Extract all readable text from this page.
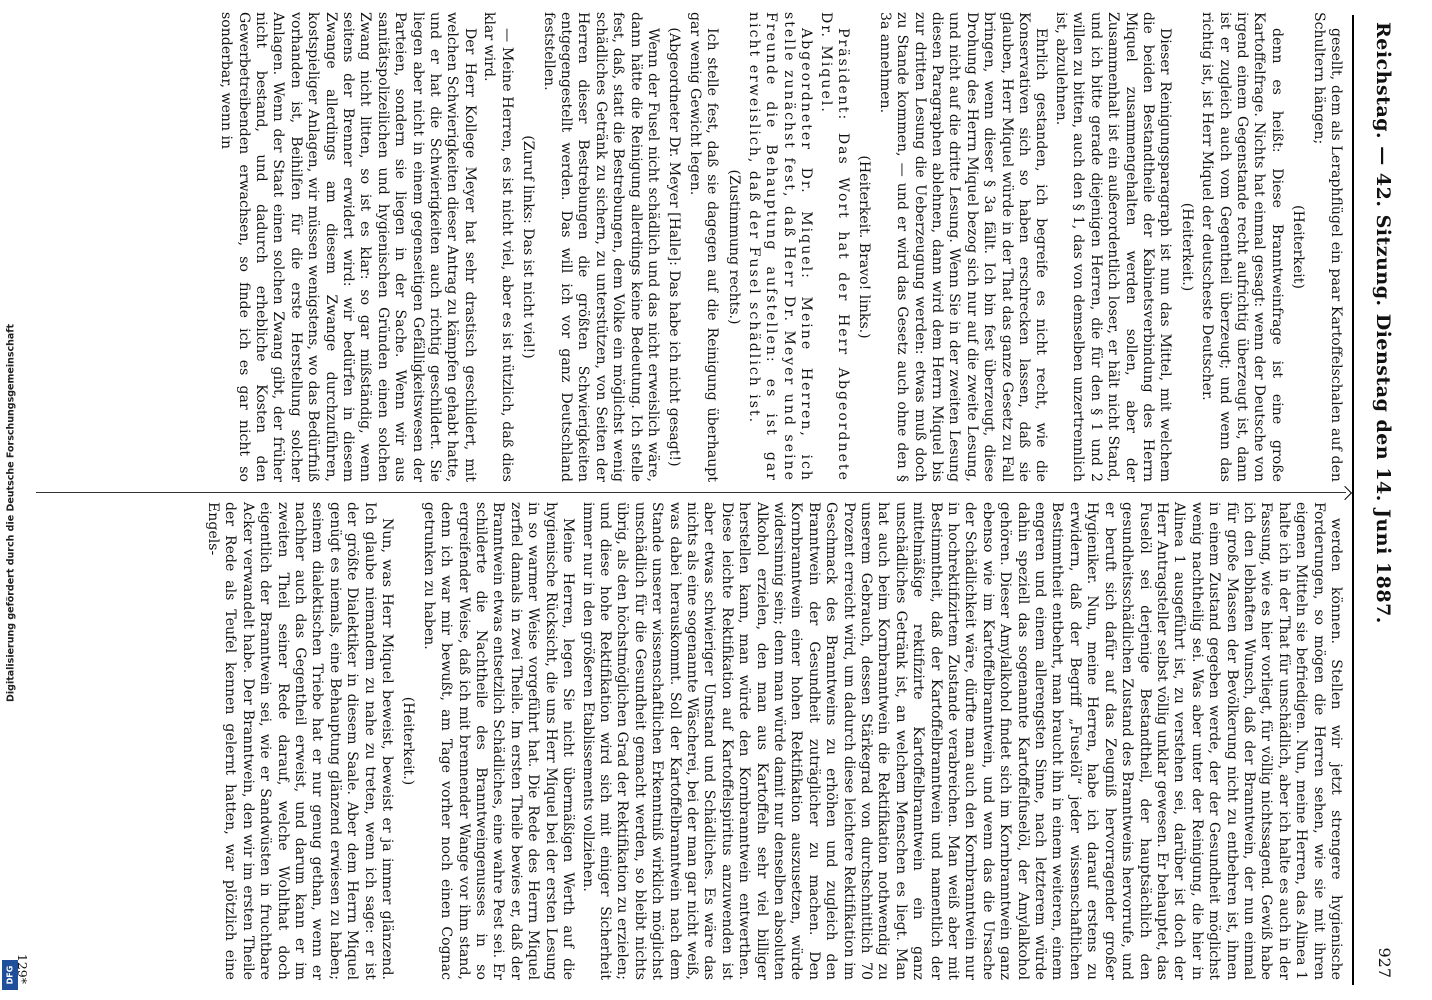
Digitalisierung gefördert durch die Deutsche Forschungsgemeinschaft
DFG
Reichstag. — 42. Sitzung. Dienstag den 14. Juni 1887.
927

gesellt, dem als Leraphflügel ein paar Kartoffelschalen auf den Schultern hängen;

(Heiterkeit)

denn es heißt: Diese Branntweinfrage ist eine große Kartoffelfrage. Nichts hat einmal gesagt: wenn der Deutsche von irgend einem Gegenstande recht aufrichtig überzeugt ist, dann ist er zugleich auch vom Gegentheil überzeugt; und wenn das richtig ist, ist Herr Miquel der deutscheste Deutscher.

(Heiterkeit.)

Dieser Reinigungsparagraph ist nun das Mittel, mit welchem die beiden Bestandtheile der Kabinetsverbindung des Herrn Miquel zusammengehalten werden sollen, aber der Zusammenhalt ist ein außerordentlich loser, er hält nicht Stand, und ich bitte gerade diejenigen Herren, die für den § 1 und 2 willen zu bitten, auch den § 1, das von demselben unzertrennlich ist, abzulehnen.

Ehrlich gestanden, ich begreife es nicht recht, wie die Konservativen sich so haben erschrecken lassen, daß sie glauben, Herr Miquel würde in der That das ganze Gesetz zu Fall bringen, wenn dieser § 3a fällt. Ich bin fest überzeugt, diese Drohung des Herrn Miquel bezog sich nur auf die zweite Lesung, und nicht auf die dritte Lesung. Wenn Sie in der zweiten Lesung diesen Paragraphen ablehnen, dann wird dem Herrn Miquel bis zur dritten Lesung die Ueberzeugung werden: etwas muß doch zu Stande kommen, — und er wird das Gesetz auch ohne den § 3a annehmen.

(Heiterkeit. Bravo! links.)

Präsident: Das Wort hat der Herr Abgeordnete Dr. Miquel.

Abgeordneter Dr. Miquel: Meine Herren, ich stelle zunächst fest, daß Herr Dr. Meyer und seine Freunde die Behauptung aufstellen: es ist gar nicht erweislich, daß der Fusel schädlich ist.

(Zustimmung rechts.)

Ich stelle fest, daß sie dagegen auf die Reinigung überhaupt gar wenig Gewicht legen.

(Abgeordneter Dr. Meyer [Halle]: Das habe ich nicht gesagt!)

Wenn der Fusel nicht schädlich und das nicht erweislich wäre, dann hätte die Reinigung allerdings keine Bedeutung. Ich stelle fest, daß, statt die Bestrebungen, dem Volke ein möglichst wenig schädliches Getränk zu sichern, zu unterstützen, von Seiten der Herren dieser Bestrebungen die größten Schwierigkeiten entgegengestellt werden. Das will ich vor ganz Deutschland feststellen.

(Zuruf links: Das ist nicht viel!)

— Meine Herren, es ist nicht viel, aber es ist nützlich, daß dies klar wird.

Der Herr Kollege Meyer hat sehr drastisch geschildert, mit welchen Schwierigkeiten dieser Antrag zu kämpfen gehabt hatte, und er hat die Schwierigkeiten auch richtig geschildert. Sie liegen aber nicht in einem gegenseitigen Gefälligkeitswesen der Parteien, sondern sie liegen in der Sache. Wenn wir aus sanitätspolizeilichen und hygienischen Gründen einen solchen Zwang nicht litten, so ist es klar: so gar mißständig, wenn seitens der Brenner erwidert wird: wir bedürfen in diesem Zwange allerdings am diesem Zwange durchzuführen, kostspieliger Anlagen, wir müssen wenigstens, wo das Bedürfniß vorhanden ist, Beihilfen für die erste Herstellung solcher Anlagen. Wenn der Staat einen solchen Zwang gibt, der früher nicht bestand, und dadurch erhebliche Kosten den Gewerbetreibenden erwachsen, so finde ich es gar nicht so sonderbar, wenn in

werden können. Stellen wir jetzt strengere hygienische Forderungen, so mögen die Herren sehen, wie sie mit ihren eigenen Mitteln sie befriedigen. Nun, meine Herren, das Alinea 1 halte ich in der That für unschädlich, aber ich halte es auch in der Fassung, wie es hier vorliegt, für völlig nichtssagend. Gewiß habe ich den lebhaften Wunsch, daß der Branntwein, der nun einmal für große Massen der Bevölkerung nicht zu entbehren ist, ihnen in einem Zustand gegeben werde, der der Gesundheit möglichst wenig nachtheilig sei. Was aber unter der Reinigung, die hier in Alinea 1 ausgeführt ist, zu verstehen sei, darüber ist doch der Herr Antragsteller selbst völlig unklar gewesen. Er behauptet, das Fuselöl sei derjenige Bestandtheil, der hauptsächlich den gesundheitsschädlichen Zustand des Branntweins hervorrufe, und er beruft sich dafür auf das Zeugniß hervorragender großer Hygieniker. Nun, meine Herren, habe ich darauf erstens zu erwidern, daß der Begriff „Fuselöl“ jeder wissenschaftlichen Bestimmtheit entbehrt, man braucht ihn in einem weiteren, einem engeren und einem allerengsten Sinne, nach letzterem würde dahin speziell das sogenannte Kartoffelfuselöl, der Amylalkohol gehören. Dieser Amylalkohol findet sich im Kornbranntwein ganz ebenso wie im Kartoffelbranntwein, und wenn das die Ursache der Schädlichkeit wäre, dürfte man auch den Kornbranntwein nur in hochrektifizirtem Zustande verabreichen. Man weiß aber mit Bestimmtheit, daß der Kartoffelbranntwein und namentlich der mittelmäßige rektifizirte Kartoffelbranntwein ein ganz unschädliches Getränk ist, an welchem Menschen es liegt. Man hat auch beim Kornbranntwein die Rektifikation nothwendig zu unserem Gebrauch, dessen Stärkegrad von durchschnittlich 70 Prozent erreicht wird, um dadurch diese leichtere Rektifikation im Geschmack des Branntweins zu erhöhen und zugleich den Branntwein der Gesundheit zuträglicher zu machen. Den Kornbranntwein einer hohen Rektifikation auszusetzen, würde widersinnig sein; denn man würde damit nur denselben absoluten Alkohol erzielen, den man aus Kartoffeln sehr viel billiger herstellen kann, man würde den Kornbranntwein entwerthen. Diese leichte Rektifikation auf Kartoffelspiritus anzuwenden ist aber etwas schwieriger Umstand und Schädliches. Es wäre das nichts als eine sogenannte Wäscherei, bei der man gar nicht weiß, was dabei herauskommt. Soll der Kartoffelbranntwein nach dem Stande unserer wissenschaftlichen Erkenntniß wirklich möglichst unschädlich für die Gesundheit gemacht werden, so bleibt nichts übrig, als den höchstmöglichen Grad der Rektifikation zu erzielen; und diese hohe Rektifikation wird sich mit einiger Sicherheit immer nur in den größeren Etablissements vollziehen.

Meine Herren, legen Sie nicht übermäßigen Werth auf die hygienische Rücksicht, die uns Herr Miquel bei der ersten Lesung in so warmer Weise vorgeführt hat. Die Rede des Herrn Miquel zerfiel damals in zwei Theile. Im ersten Theile bewies er, daß der Branntwein etwas entsetzlich Schädliches, eine wahre Pest sei. Er schilderte die Nachtheile des Branntweingenusses in so ergreifender Weise, daß ich mit brennender Wange vor ihm stand, denn ich war mir bewußt, am Tage vorher noch einen Cognac getrunken zu haben.

(Heiterkeit.)

Nun, was Herr Miquel beweist, beweist er ja immer glänzend. Ich glaube niemandem zu nahe zu treten, wenn ich sage: er ist der größte Dialektiker in diesem Saale. Aber dem Herrn Miquel genügt es niemals, eine Behauptung glänzend erwiesen zu haben; seinem dialektischen Triebe hat er nur genug gethan, wenn er nachher auch das Gegentheil erweist, und darum kann er im zweiten Theil seiner Rede darauf, welche Wohlthat doch eigentlich der Branntwein sei, wie er Sandwüsten in fruchtbare Acker verwandelt habe. Der Branntwein, den wir im ersten Theile der Rede als Teufel kennen gelernt hatten, war plötzlich eine Engels-

129*
